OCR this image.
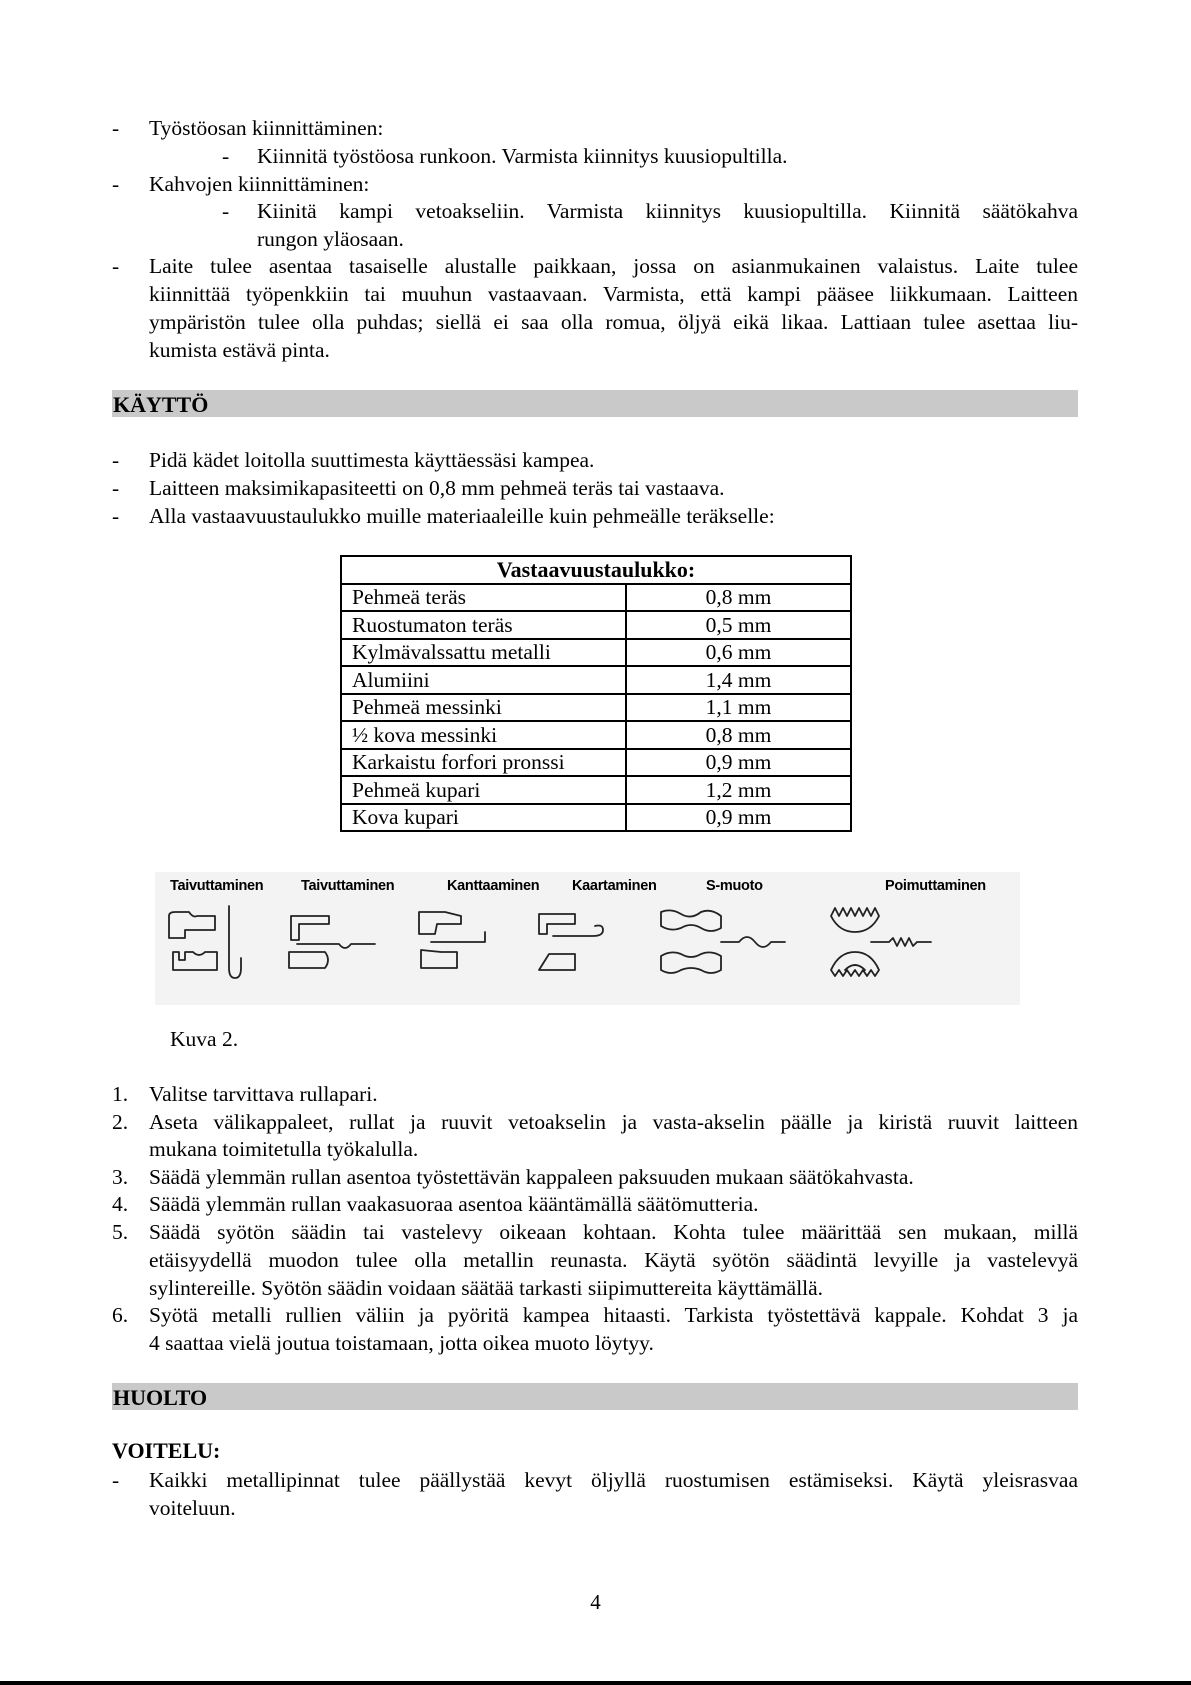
- Työstöosan kiinnittäminen:
- Kiinnitä työstöosa runkoon. Varmista kiinnitys kuusiopultilla.
- Kahvojen kiinnittäminen:
- Kiinitä kampi vetoakseliin. Varmista kiinnitys kuusiopultilla. Kiinnitä säätökahva
rungon yläosaan.
- Laite tulee asentaa tasaiselle alustalle paikkaan, jossa on asianmukainen valaistus. Laite tulee
kiinnittää työpenkkiin tai muuhun vastaavaan. Varmista, että kampi pääsee liikkumaan. Laitteen
ympäristön tulee olla puhdas; siellä ei saa olla romua, öljyä eikä likaa. Lattiaan tulee asettaa liu-
kumista estävä pinta.
KÄYTTÖ
- Pidä kädet loitolla suuttimesta käyttäessäsi kampea.
- Laitteen maksimikapasiteetti on 0,8 mm pehmeä teräs tai vastaava.
- Alla vastaavuustaulukko muille materiaaleille kuin pehmeälle teräkselle:
Vastaavuustaulukko:	
Pehmeä teräs	0,8 mm
Ruostumaton teräs	0,5 mm
Kylmävalssattu metalli	0,6 mm
Alumiini	1,4 mm
Pehmeä messinki	1,1 mm
½ kova messinki	0,8 mm
Karkaistu forfori pronssi	0,9 mm
Pehmeä kupari	1,2 mm
Kova kupari	0,9 mm
Taivuttaminen	Taivuttaminen	Kanttaaminen Kaartaminen	S-muoto	Poimuttaminen
Kuva 2.
1. Valitse tarvittava rullapari.
2. Aseta välikappaleet, rullat ja ruuvit vetoakselin ja vasta-akselin päälle ja kiristä ruuvit laitteen
mukana toimitetulla työkalulla.
3. Säädä ylemmän rullan asentoa työstettävän kappaleen paksuuden mukaan säätökahvasta.
4. Säädä ylemmän rullan vaakasuoraa asentoa kääntämällä säätömutteria.
5. Säädä syötön säädin tai vastelevy oikeaan kohtaan. Kohta tulee määrittää sen mukaan, millä
etäisyydellä muodon tulee olla metallin reunasta. Käytä syötön säädintä levyille ja vastelevyä
sylintereille. Syötön säädin voidaan säätää tarkasti siipimuttereita käyttämällä.
6. Syötä metalli rullien väliin ja pyöritä kampea hitaasti. Tarkista työstettävä kappale. Kohdat 3 ja
4 saattaa vielä joutua toistamaan, jotta oikea muoto löytyy.
HUOLTO
VOITELU:
- Kaikki metallipinnat tulee päällystää kevyt öljyllä ruostumisen estämiseksi. Käytä yleisrasvaa
voiteluun.
4
